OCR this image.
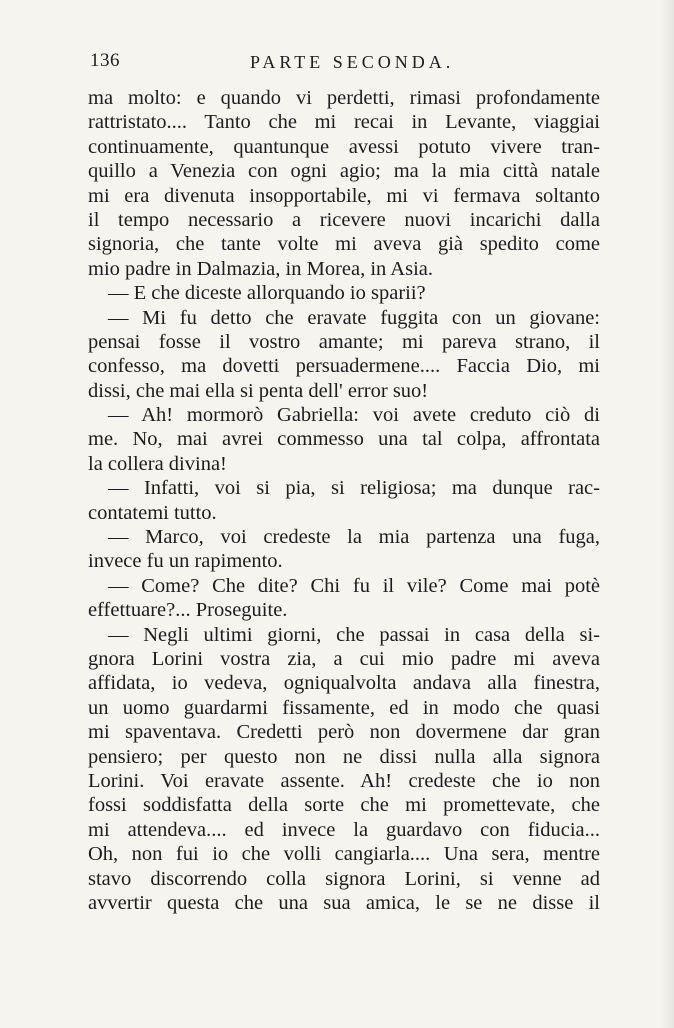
136	PARTE SECONDA.
ma molto: e quando vi perdetti, rimasi profondamente
rattristato.... Tanto che mi recai in Levante, viaggiai
continuamente, quantunque avessi potuto vivere tran-
quillo a Venezia con ogni agio; ma la mia città natale
mi era divenuta insopportabile, mi vi fermava soltanto
il tempo necessario a ricevere nuovi incarichi dalla
signoria, che tante volte mi aveva già spedito come
mio padre in Dalmazia, in Morea, in Asia.
— E che diceste allorquando io sparii?
— Mi fu detto che eravate fuggita con un giovane:
pensai fosse il vostro amante; mi pareva strano, il
confesso, ma dovetti persuadermene.... Faccia Dio, mi
dissi, che mai ella si penta dell' error suo!
— Ah! mormorò Gabriella: voi avete creduto ciò di
me. No, mai avrei commesso una tal colpa, affrontata
la collera divina!
— Infatti, voi si pia, si religiosa; ma dunque rac-
contatemi tutto.
— Marco, voi credeste la mia partenza una fuga,
invece fu un rapimento.
— Come? Che dite? Chi fu il vile? Come mai potè
effettuare?... Proseguite.
— Negli ultimi giorni, che passai in casa della si-
gnora Lorini vostra zia, a cui mio padre mi aveva
affidata, io vedeva, ogniqualvolta andava alla finestra,
un uomo guardarmi fissamente, ed in modo che quasi
mi spaventava. Credetti però non dovermene dar gran
pensiero; per questo non ne dissi nulla alla signora
Lorini. Voi eravate assente. Ah! credeste che io non
fossi soddisfatta della sorte che mi promettevate, che
mi attendeva.... ed invece la guardavo con fiducia...
Oh, non fui io che volli cangiarla.... Una sera, mentre
stavo discorrendo colla signora Lorini, si venne ad
avvertir questa che una sua amica, le se ne disse il
